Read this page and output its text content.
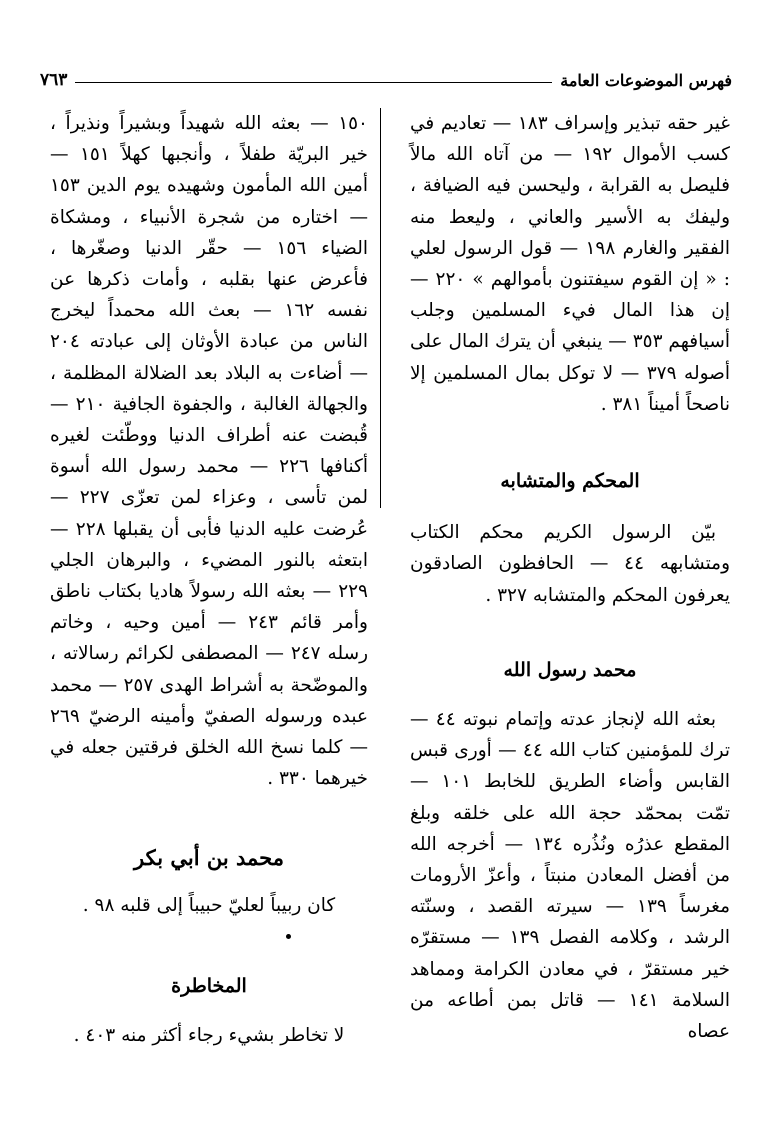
فهرس الموضوعات العامة
٧٦٣

غير حقه تبذير وإسراف ١٨٣ — تعاديم في كسب الأموال ١٩٢ — من آتاه الله مالاً فليصل به القرابة ، وليحسن فيه الضيافة ، وليفك به الأسير والعاني ، وليعط منه الفقير والغارم ١٩٨ — قول الرسول لعلي : « إن القوم سيفتنون بأموالهم » ٢٢٠ — إن هذا المال فيء المسلمين وجلب أسيافهم ٣٥٣ — ينبغي أن يترك المال على أصوله ٣٧٩ — لا توكل بمال المسلمين إلا ناصحاً أميناً ٣٨١ .

المحكم والمتشابه

بيّن الرسول الكريم محكم الكتاب ومتشابهه ٤٤ — الحافظون الصادقون يعرفون المحكم والمتشابه ٣٢٧ .

محمد رسول الله

بعثه الله لإنجاز عدته وإتمام نبوته ٤٤ — ترك للمؤمنين كتاب الله ٤٤ — أورى قبس القابس وأضاء الطريق للخابط ١٠١ — تمّت بمحمّد حجة الله على خلقه وبلغ المقطع عذرُه ونُذُره ١٣٤ — أخرجه الله من أفضل المعادن منبتاً ، وأعزّ الأرومات مغرساً ١٣٩ — سيرته القصد ، وسنّته الرشد ، وكلامه الفصل ١٣٩ — مستقرّه خير مستقرّ ، في معادن الكرامة ومماهد السلامة ١٤١ — قاتل بمن أطاعه من عصاه

١٥٠ — بعثه الله شهيداً وبشيراً ونذيراً ، خير البريّة طفلاً ، وأنجبها كهلاً ١٥١ — أمين الله المأمون وشهيده يوم الدين ١٥٣ — اختاره من شجرة الأنبياء ، ومشكاة الضياء ١٥٦ — حقّر الدنيا وصغّرها ، فأعرض عنها بقلبه ، وأمات ذكرها عن نفسه ١٦٢ — بعث الله محمداً ليخرج الناس من عبادة الأوثان إلى عبادته ٢٠٤ — أضاءت به البلاد بعد الضلالة المظلمة ، والجهالة الغالبة ، والجفوة الجافية ٢١٠ — قُبضت عنه أطراف الدنيا ووطّئت لغيره أكنافها ٢٢٦ — محمد رسول الله أسوة لمن تأسى ، وعزاء لمن تعزّى ٢٢٧ — عُرضت عليه الدنيا فأبى أن يقبلها ٢٢٨ — ابتعثه بالنور المضيء ، والبرهان الجلي ٢٢٩ — بعثه الله رسولاً هاديا بكتاب ناطق وأمر قائم ٢٤٣ — أمين وحيه ، وخاتم رسله ٢٤٧ — المصطفى لكرائم رسالاته ، والموضّحة به أشراط الهدى ٢٥٧ — محمد عبده ورسوله الصفيّ وأمينه الرضيّ ٢٦٩ — كلما نسخ الله الخلق فرقتين جعله في خيرهما ٣٣٠ .

محمد بن أبي بكر

كان ربيباً لعليّ حبيباً إلى قلبه ٩٨ .

المخاطرة

لا تخاطر بشيء رجاء أكثر منه ٤٠٣ .
